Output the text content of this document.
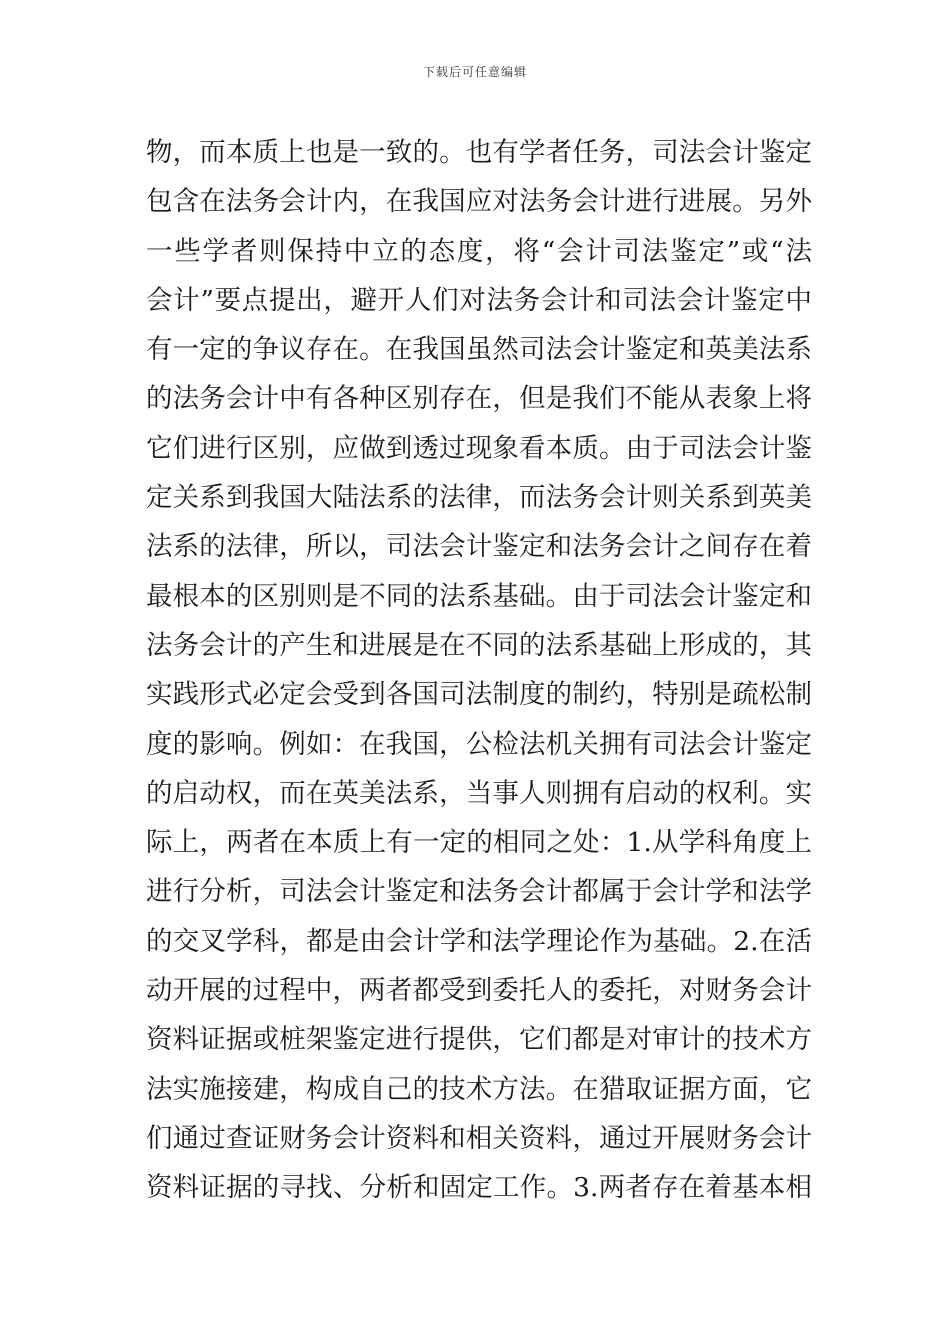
下载后可任意编辑
物，而本质上也是一致的。也有学者任务，司法会计鉴定
包含在法务会计内，在我国应对法务会计进行进展。另外
一些学者则保持中立的态度，将“会计司法鉴定”或“法
会计”要点提出，避开人们对法务会计和司法会计鉴定中
有一定的争议存在。在我国虽然司法会计鉴定和英美法系
的法务会计中有各种区别存在，但是我们不能从表象上将
它们进行区别，应做到透过现象看本质。由于司法会计鉴
定关系到我国大陆法系的法律，而法务会计则关系到英美
法系的法律，所以，司法会计鉴定和法务会计之间存在着
最根本的区别则是不同的法系基础。由于司法会计鉴定和
法务会计的产生和进展是在不同的法系基础上形成的，其
实践形式必定会受到各国司法制度的制约，特别是疏松制
度的影响。例如：在我国，公检法机关拥有司法会计鉴定
的启动权，而在英美法系，当事人则拥有启动的权利。实
际上，两者在本质上有一定的相同之处：1.从学科角度上
进行分析，司法会计鉴定和法务会计都属于会计学和法学
的交叉学科，都是由会计学和法学理论作为基础。2.在活
动开展的过程中，两者都受到委托人的委托，对财务会计
资料证据或桩架鉴定进行提供，它们都是对审计的技术方
法实施接建，构成自己的技术方法。在猎取证据方面，它
们通过查证财务会计资料和相关资料，通过开展财务会计
资料证据的寻找、分析和固定工作。3.两者存在着基本相
